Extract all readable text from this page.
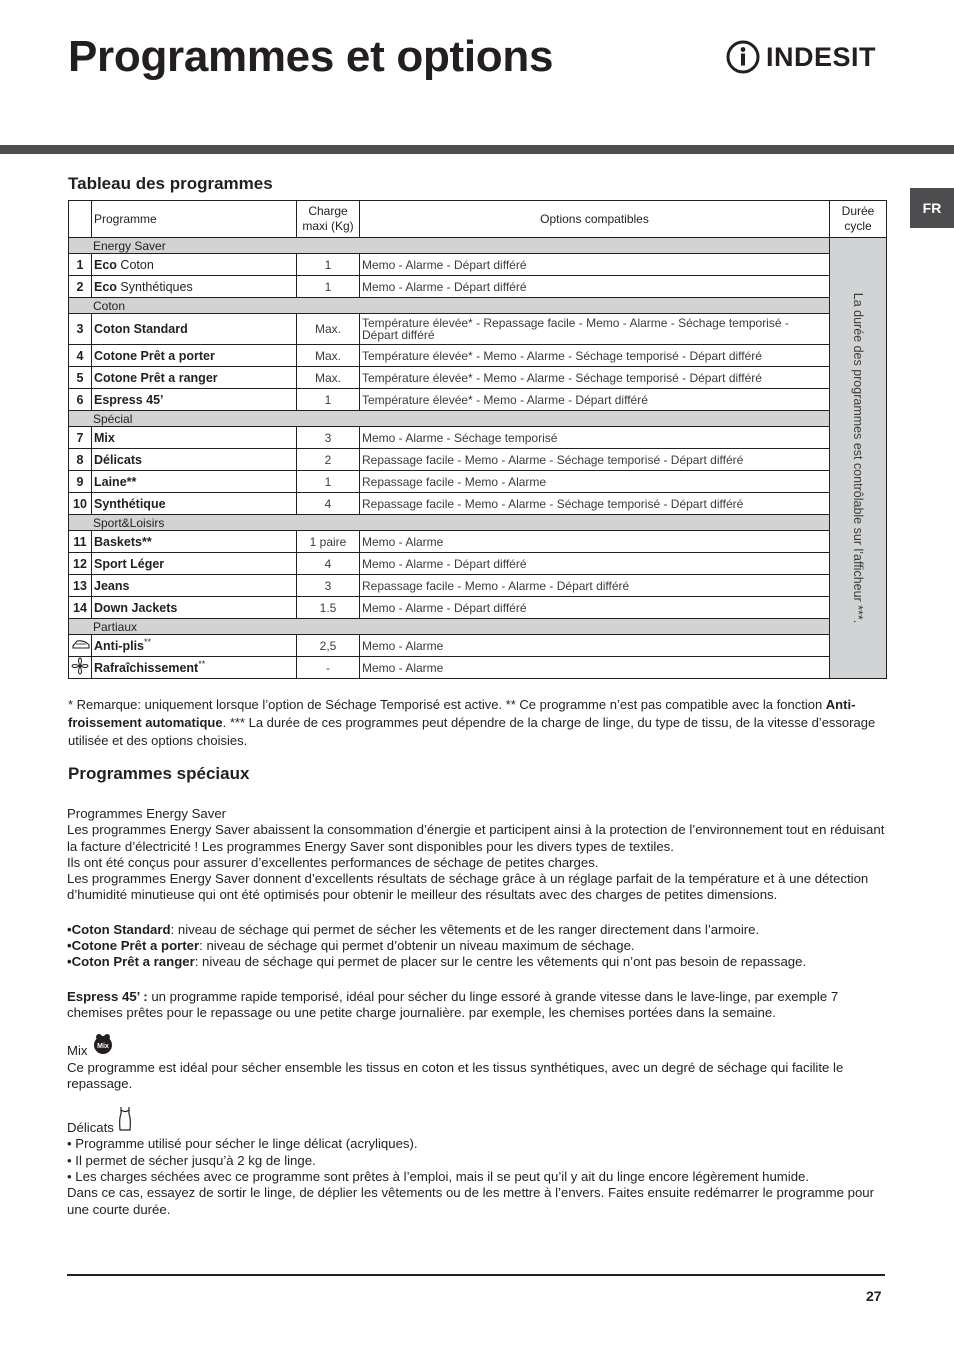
Programmes et options	INDESIT
FR
Tableau des programmes
	Programme	Charge maxi (Kg)	Options compatibles	Durée cycle
Energy Saver				La durée des programmes est contrôlable sur l’afficheur ***.

1	Eco Coton	1	Memo - Alarme - Départ différé	
2	Eco Synthétiques	1	Memo - Alarme - Départ différé	
Coton				
3	Coton Standard	Max.	Température élevée* - Repassage facile - Memo - Alarme - Séchage temporisé - Départ différé	
4	Cotone Prêt a porter	Max.	Température élevée* - Memo - Alarme - Séchage temporisé - Départ différé	
5	Cotone Prêt a ranger	Max.	Température élevée* - Memo - Alarme - Séchage temporisé - Départ différé	
6	Espress 45’	1	Température élevée* - Memo - Alarme - Départ différé	
Spécial				
7	Mix	3	Memo - Alarme - Séchage temporisé	
8	Délicats	2	Repassage facile - Memo - Alarme - Séchage temporisé - Départ différé	
9	Laine**	1	Repassage facile - Memo - Alarme	
10	Synthétique	4	Repassage facile - Memo - Alarme - Séchage temporisé - Départ différé	
Sport&Loisirs				
11	Baskets**	1 paire	Memo - Alarme	
12	Sport Léger	4	Memo - Alarme - Départ différé	
13	Jeans	3	Repassage facile - Memo - Alarme - Départ différé	
14	Down Jackets	1.5	Memo - Alarme - Départ différé	
Partiaux				
	Anti-plis**	2,5	Memo - Alarme	
	Rafraîchissement**	-	Memo - Alarme	

* Remarque: uniquement lorsque l’option de Séchage Temporisé est active. ** Ce programme n’est pas compatible avec la fonction Anti-froissement automatique. *** La durée de ces programmes peut dépendre de la charge de linge, du type de tissu, de la vitesse d’essorage utilisée et des options choisies.

Programmes spéciaux

Programmes Energy Saver

Les programmes Energy Saver abaissent la consommation d’énergie et participent ainsi à la protection de l’environnement tout en réduisant la facture d’électricité ! Les programmes Energy Saver sont disponibles pour les divers types de textiles.

Ils ont été conçus pour assurer d’excellentes performances de séchage de petites charges.

Les programmes Energy Saver donnent d’excellents résultats de séchage grâce à un réglage parfait de la température et à une détection d’humidité minutieuse qui ont été optimisés pour obtenir le meilleur des résultats avec des charges de petites dimensions.

•Coton Standard: niveau de séchage qui permet de sécher les vêtements et de les ranger directement dans l’armoire.

•Cotone Prêt a porter: niveau de séchage qui permet d’obtenir un niveau maximum de séchage.

•Coton Prêt a ranger: niveau de séchage qui permet de placer sur le centre les vêtements qui n’ont pas besoin de repassage.

Espress 45’ : un programme rapide temporisé, idéal pour sécher du linge essoré à grande vitesse dans le lave-linge, par exemple 7 chemises prêtes pour le repassage ou une petite charge journalière. par exemple, les chemises portées dans la semaine.

Mix Mix

Ce programme est idéal pour sécher ensemble les tissus en coton et les tissus synthétiques, avec un degré de séchage qui facilite le repassage.

Délicats

• Programme utilisé pour sécher le linge délicat (acryliques).

• Il permet de sécher jusqu’à 2 kg de linge.

• Les charges séchées avec ce programme sont prêtes à l’emploi, mais il se peut qu’il y ait du linge encore légèrement humide.

Dans ce cas, essayez de sortir le linge, de déplier les vêtements ou de les mettre à l’envers. Faites ensuite redémarrer le programme pour une courte durée.

27
